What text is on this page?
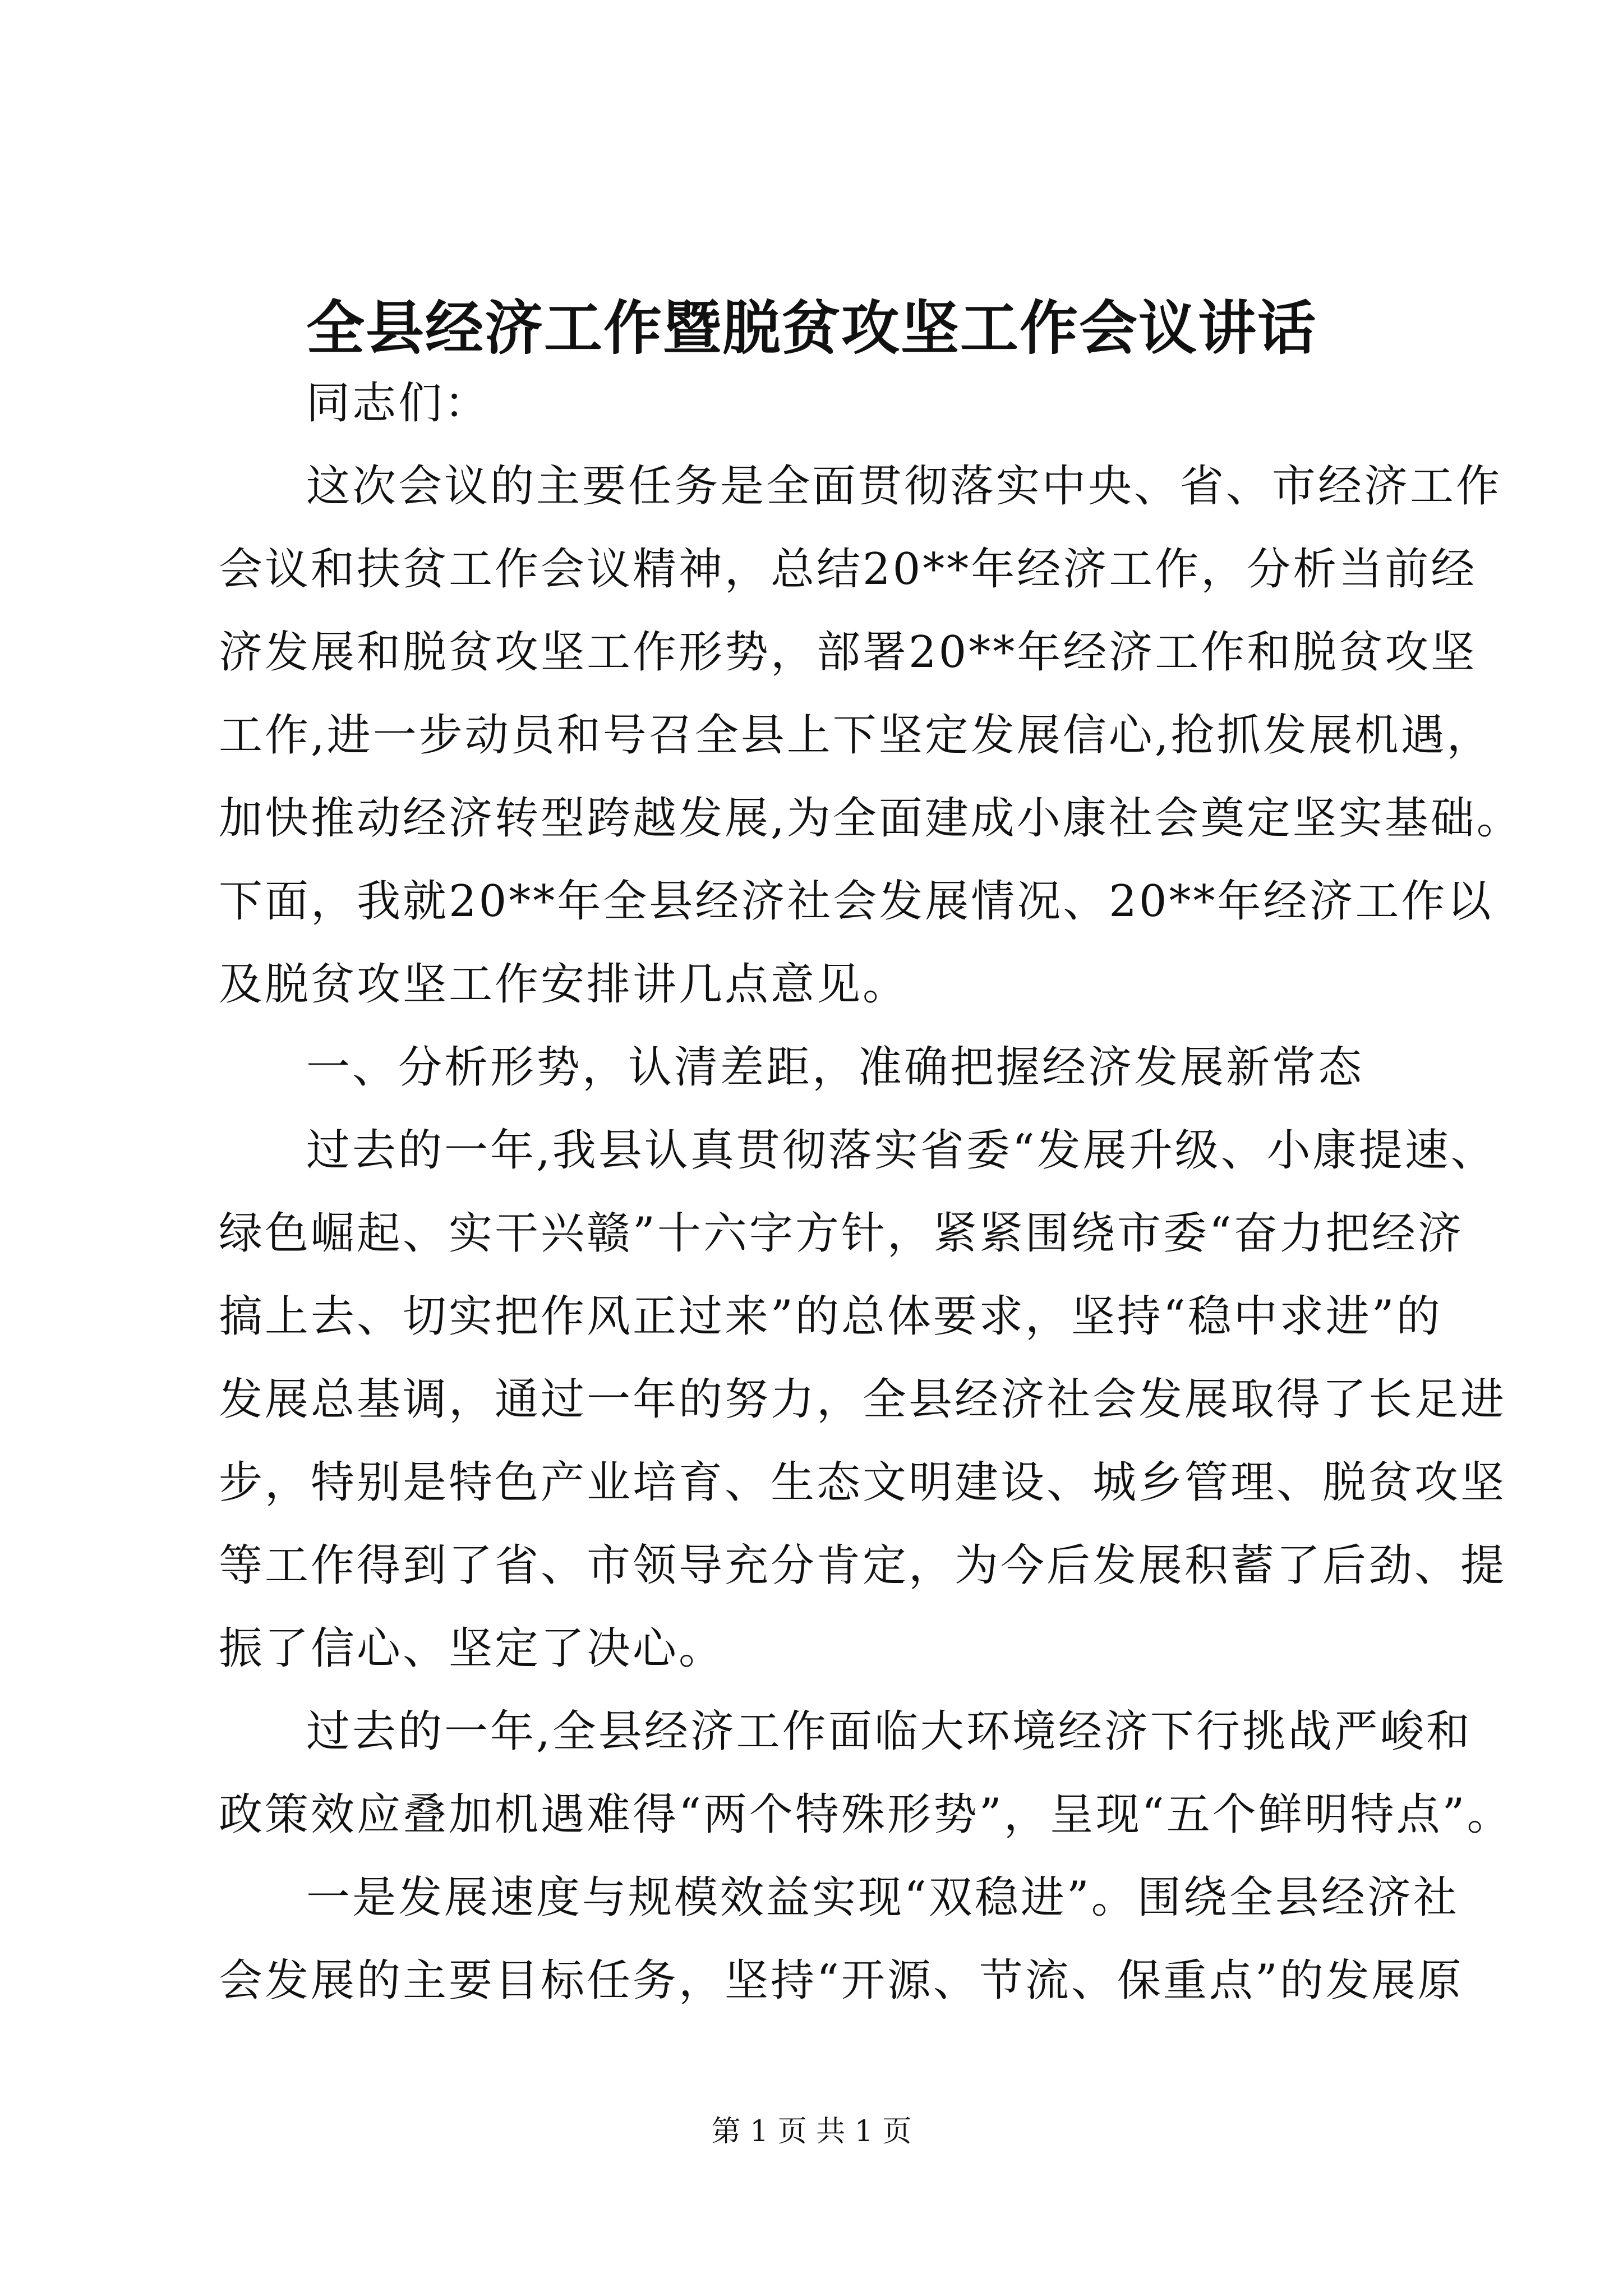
全县经济工作暨脱贫攻坚工作会议讲话
同志们：
这次会议的主要任务是全面贯彻落实中央、省、市经济工作
会议和扶贫工作会议精神，总结20**年经济工作，分析当前经
济发展和脱贫攻坚工作形势，部署20**年经济工作和脱贫攻坚
工作,进一步动员和号召全县上下坚定发展信心,抢抓发展机遇，
加快推动经济转型跨越发展,为全面建成小康社会奠定坚实基础。
下面，我就20**年全县经济社会发展情况、20**年经济工作以
及脱贫攻坚工作安排讲几点意见。
一、分析形势，认清差距，准确把握经济发展新常态
过去的一年,我县认真贯彻落实省委“发展升级、小康提速、
绿色崛起、实干兴赣”十六字方针，紧紧围绕市委“奋力把经济
搞上去、切实把作风正过来”的总体要求，坚持“稳中求进”的
发展总基调，通过一年的努力，全县经济社会发展取得了长足进
步，特别是特色产业培育、生态文明建设、城乡管理、脱贫攻坚
等工作得到了省、市领导充分肯定，为今后发展积蓄了后劲、提
振了信心、坚定了决心。
过去的一年,全县经济工作面临大环境经济下行挑战严峻和
政策效应叠加机遇难得“两个特殊形势”，呈现“五个鲜明特点”。
一是发展速度与规模效益实现“双稳进”。围绕全县经济社
会发展的主要目标任务，坚持“开源、节流、保重点”的发展原
第 1 页 共 1 页
